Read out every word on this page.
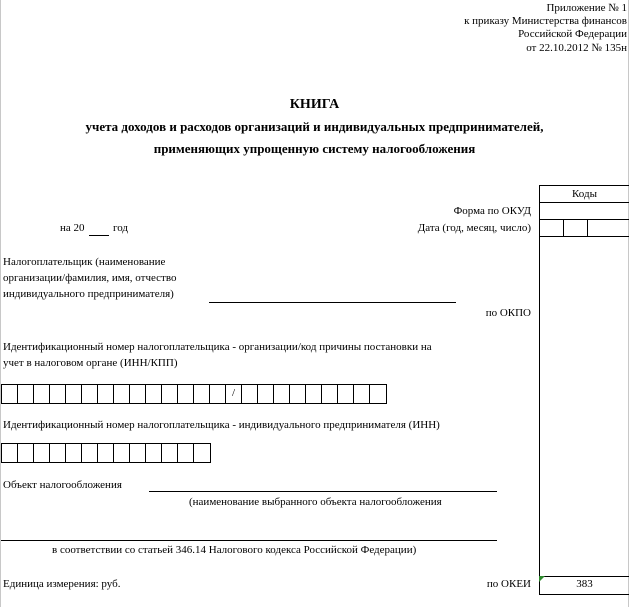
Приложение № 1
к приказу Министерства финансов
Российской Федерации
от 22.10.2012 № 135н
КНИГА
учета доходов и расходов организаций и индивидуальных предпринимателей,
применяющих упрощенную систему налогообложения
Коды
383
Форма по ОКУД
Дата (год, месяц, число)
по ОКПО
по ОКЕИ
на 20	год
Налогоплательщик (наименование
организации/фамилия, имя, отчество
индивидуального предпринимателя)
Идентификационный номер налогоплательщика - организации/код причины постановки на
учет в налоговом органе (ИНН/КПП)
/
Идентификационный номер налогоплательщика - индивидуального предпринимателя (ИНН)
Объект налогообложения
(наименование выбранного объекта налогообложения
в соответствии со статьей 346.14 Налогового кодекса Российской Федерации)
Единица измерения: руб.
